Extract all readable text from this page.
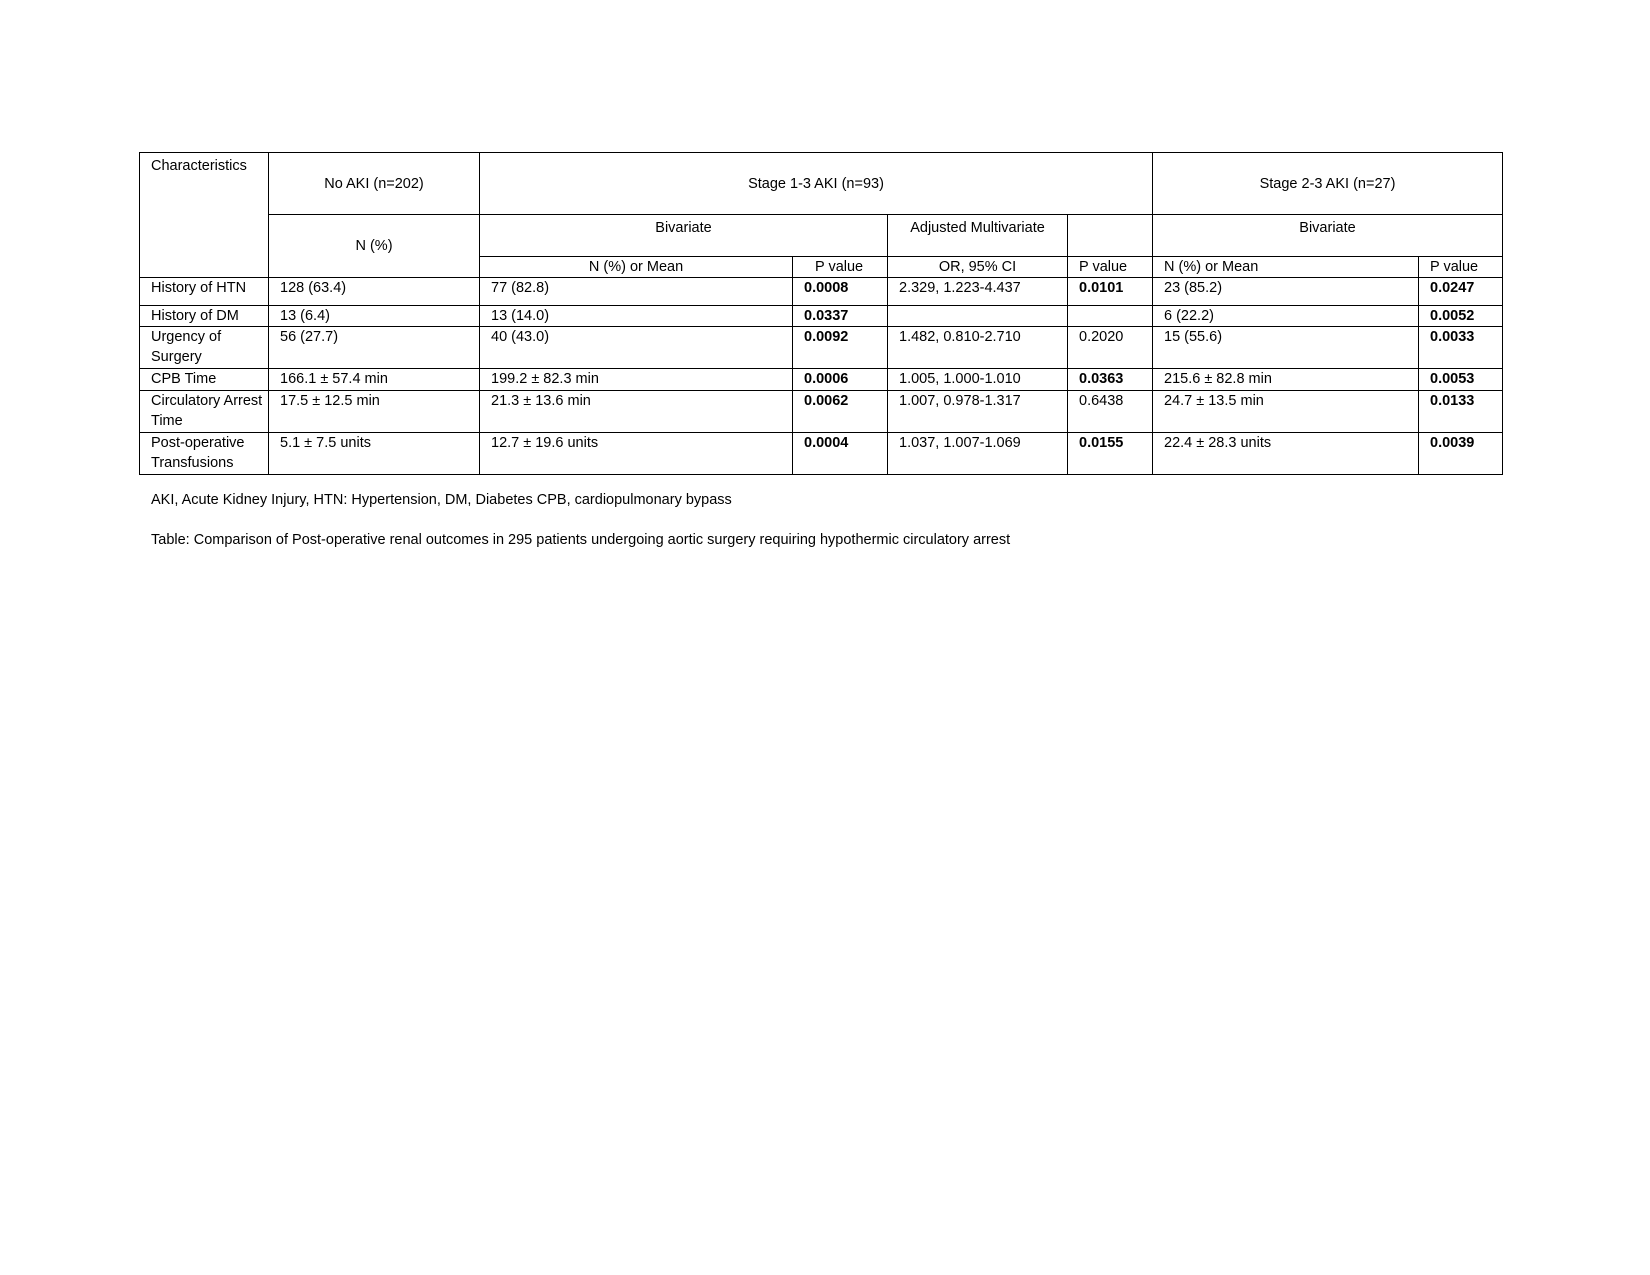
Characteristics	No AKI (n=202)	Stage 1-3 AKI (n=93)				Stage 2-3 AKI (n=27)	
	N (%)	Bivariate		Adjusted Multivariate		Bivariate	
		N (%) or Mean	P value	OR, 95% CI	P value	N (%) or Mean	P value
History of HTN	128 (63.4)	77 (82.8)	0.0008	2.329, 1.223-4.437	0.0101	23 (85.2)	0.0247
History of DM	13 (6.4)	13 (14.0)	0.0337			6 (22.2)	0.0052
Urgency of Surgery	56 (27.7)	40 (43.0)	0.0092	1.482, 0.810-2.710	0.2020	15 (55.6)	0.0033
CPB Time	166.1 ± 57.4 min	199.2 ± 82.3 min	0.0006	1.005, 1.000-1.010	0.0363	215.6 ± 82.8 min	0.0053
Circulatory Arrest Time	17.5 ± 12.5 min	21.3 ± 13.6 min	0.0062	1.007, 0.978-1.317	0.6438	24.7 ± 13.5 min	0.0133
Post-operative Transfusions	5.1 ± 7.5 units	12.7 ± 19.6 units	0.0004	1.037, 1.007-1.069	0.0155	22.4 ± 28.3 units	0.0039

AKI, Acute Kidney Injury, HTN: Hypertension, DM, Diabetes CPB, cardiopulmonary bypass

Table: Comparison of Post-operative renal outcomes in 295 patients undergoing aortic surgery requiring hypothermic circulatory arrest
